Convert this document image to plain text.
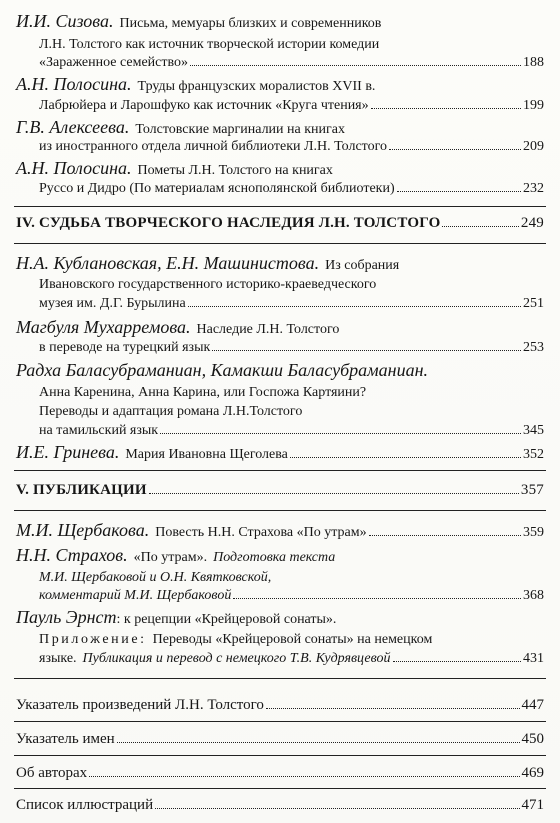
И.И. Сизова. Письма, мемуары близких и современников
Л.Н. Толстого как источник творческой истории комедии
«Зараженное семейство»	188
А.Н. Полосина. Труды французских моралистов XVII в.
Лабрюйера и Ларошфуко как источник «Круга чтения»	199
Г.В. Алексеева. Толстовские маргиналии на книгах
из иностранного отдела личной библиотеки Л.Н. Толстого	209
А.Н. Полосина. Пометы Л.Н. Толстого на книгах
Руссо и Дидро (По материалам яснополянской библиотеки)	232
IV. СУДЬБА ТВОРЧЕСКОГО НАСЛЕДИЯ Л.Н. ТОЛСТОГО	249
Н.А. Кублановская, Е.Н. Машинистова. Из собрания
Ивановского государственного историко-краеведческого
музея им. Д.Г. Бурылина	251
Магбуля Мухарремова. Наследие Л.Н. Толстого
в переводе на турецкий язык	253
Радха Баласубраманиан, Камакши Баласубраманиан.
Анна Каренина, Анна Карина, или Госпожа Картяини?
Переводы и адаптация романа Л.Н.Толстого
на тамильский язык	345
И.Е. Гринева. Мария Ивановна Щеголева	352
V. ПУБЛИКАЦИИ	357
М.И. Щербакова. Повесть Н.Н. Страхова «По утрам»	359
Н.Н. Страхов. «По утрам». Подготовка текста
М.И. Щербаковой и О.Н. Квятковской,
комментарий М.И. Щербаковой	368
Пауль Эрнст : к рецепции «Крейцеровой сонаты».
Приложение: Переводы «Крейцеровой сонаты» на немецком
языке. Публикация и перевод с немецкого Т.В. Кудрявцевой	431
Указатель произведений Л.Н. Толстого	447
Указатель имен	450
Об авторах	469
Список иллюстраций	471
